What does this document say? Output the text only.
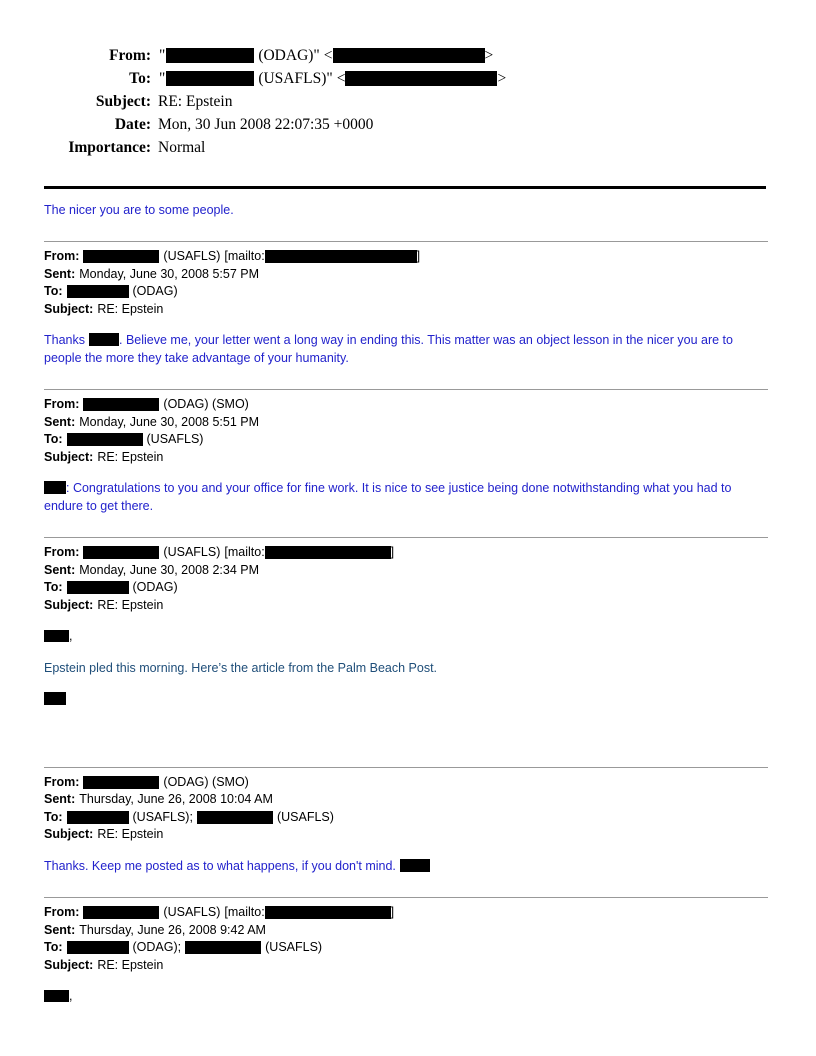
From: "	(ODAG)" <	>
To: "	(USAFLS)" <	>
Subject: RE: Epstein
Date: Mon, 30 Jun 2008 22:07:35 +0000
Importance: Normal

The nicer you are to some people.

From:	(USAFLS) [mailto:	]
Sent: Monday, June 30, 2008 5:57 PM
To:	(ODAG)
Subject: RE: Epstein
Thanks	. Believe me, your letter went a long way in ending this. This matter was an object lesson in the nicer you are to people the more they take advantage of your humanity.
From:	(ODAG) (SMO)
Sent: Monday, June 30, 2008 5:51 PM
To:	(USAFLS)
Subject: RE: Epstein
: Congratulations to you and your office for fine work. It is nice to see justice being done notwithstanding what you had to endure to get there.
From:	(USAFLS) [mailto:	]
Sent: Monday, June 30, 2008 2:34 PM
To:	(ODAG)
Subject: RE: Epstein
,
Epstein pled this morning. Here’s the article from the Palm Beach Post.
From:	(ODAG) (SMO)
Sent: Thursday, June 26, 2008 10:04 AM
To:	(USAFLS);	(USAFLS)
Subject: RE: Epstein
Thanks. Keep me posted as to what happens, if you don't mind.
From:	(USAFLS) [mailto:	]
Sent: Thursday, June 26, 2008 9:42 AM
To:	(ODAG);	(USAFLS)
Subject: RE: Epstein
,
